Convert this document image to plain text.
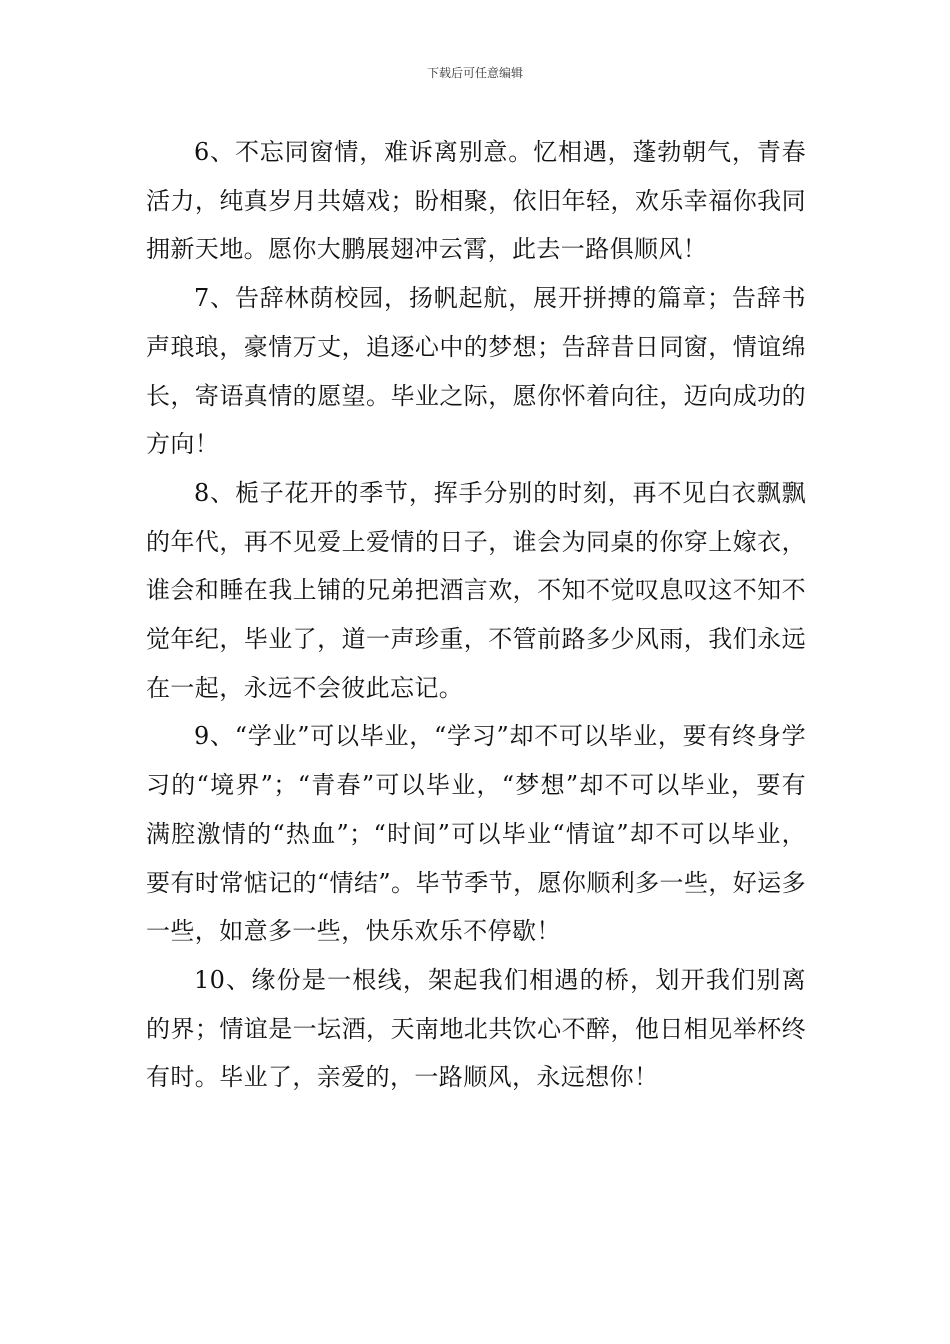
下载后可任意编辑

6、不忘同窗情，难诉离别意。忆相遇，蓬勃朝气，青春活力，纯真岁月共嬉戏；盼相聚，依旧年轻，欢乐幸福你我同拥新天地。愿你大鹏展翅冲云霄，此去一路俱顺风！

7、告辞林荫校园，扬帆起航，展开拼搏的篇章；告辞书声琅琅，豪情万丈，追逐心中的梦想；告辞昔日同窗，情谊绵长，寄语真情的愿望。毕业之际，愿你怀着向往，迈向成功的方向！

8、栀子花开的季节，挥手分别的时刻，再不见白衣飘飘的年代，再不见爱上爱情的日子，谁会为同桌的你穿上嫁衣，谁会和睡在我上铺的兄弟把酒言欢，不知不觉叹息叹这不知不觉年纪，毕业了，道一声珍重，不管前路多少风雨，我们永远在一起，永远不会彼此忘记。

9、“学业”可以毕业，“学习”却不可以毕业，要有终身学习的“境界”；“青春”可以毕业，“梦想”却不可以毕业，要有满腔激情的“热血”；“时间”可以毕业“情谊”却不可以毕业，要有时常惦记的“情结”。毕节季节，愿你顺利多一些，好运多一些，如意多一些，快乐欢乐不停歇！

10、缘份是一根线，架起我们相遇的桥，划开我们别离的界；情谊是一坛酒，天南地北共饮心不醉，他日相见举杯终有时。毕业了，亲爱的，一路顺风，永远想你！
